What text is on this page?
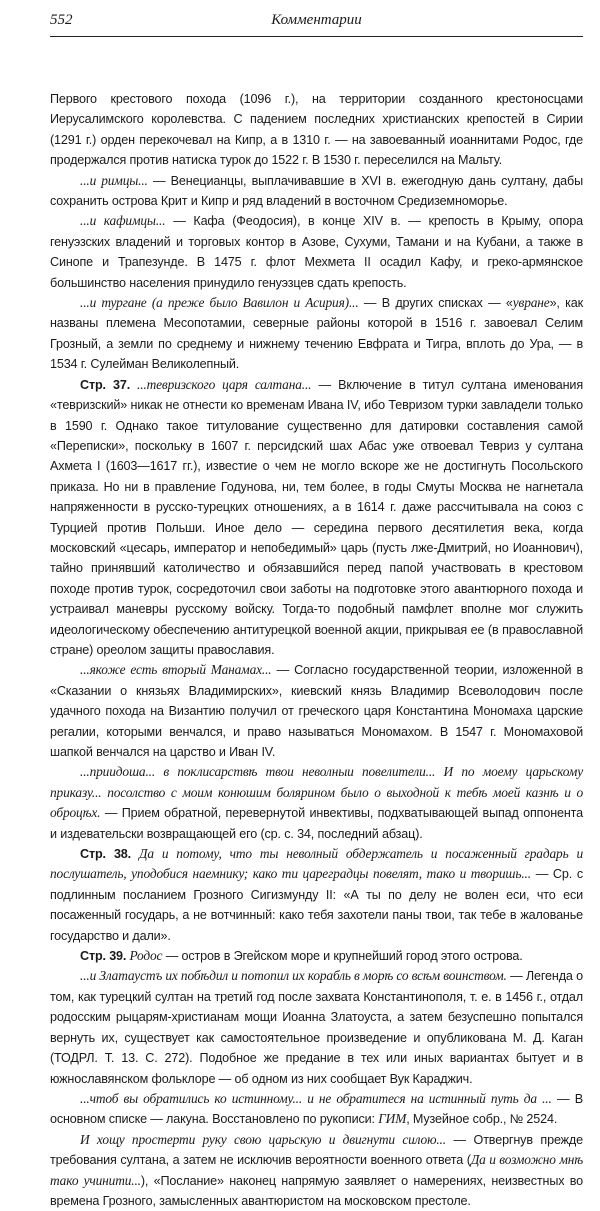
552	Комментарии

Первого крестового похода (1096 г.), на территории созданного крестоносцами Иерусалимского королевства. С падением последних христианских крепостей в Сирии (1291 г.) орден перекочевал на Кипр, а в 1310 г. — на завоеванный иоаннитами Родос, где продержался против натиска турок до 1522 г. В 1530 г. переселился на Мальту.

...и римцы... — Венецианцы, выплачивавшие в XVI в. ежегодную дань султану, дабы сохранить острова Крит и Кипр и ряд владений в восточном Средиземноморье.

...и кафимцы... — Кафа (Феодосия), в конце XIV в. — крепость в Крыму, опора генуэзских владений и торговых контор в Азове, Сухуми, Тамани и на Кубани, а также в Синопе и Трапезунде. В 1475 г. флот Мехмета II осадил Кафу, и греко-армянское большинство населения принудило генуэзцев сдать крепость.

...и тургане (а преже было Вавилон и Асирия)... — В других списках — «увране», как названы племена Месопотамии, северные районы которой в 1516 г. завоевал Селим Грозный, а земли по среднему и нижнему течению Евфрата и Тигра, вплоть до Ура, — в 1534 г. Сулейман Великолепный.

Стр. 37. ...тевризского царя салтана... — Включение в титул султана именования «тевризский» никак не отнести ко временам Ивана IV, ибо Тевризом турки завладели только в 1590 г. Однако такое титулование существенно для датировки составления самой «Переписки», поскольку в 1607 г. персидский шах Абас уже отвоевал Тевриз у султана Ахмета I (1603—1617 гг.), известие о чем не могло вскоре же не достигнуть Посольского приказа. Но ни в правление Годунова, ни, тем более, в годы Смуты Москва не нагнетала напряженности в русско-турецких отношениях, а в 1614 г. даже рассчитывала на союз с Турцией против Польши. Иное дело — середина первого десятилетия века, когда московский «цесарь, император и непобедимый» царь (пусть лже-Дмитрий, но Иоаннович), тайно принявший католичество и обязавшийся перед папой участвовать в крестовом походе против турок, сосредоточил свои заботы на подготовке этого авантюрного похода и устраивал маневры русскому войску. Тогда-то подобный памфлет вполне мог служить идеологическому обеспечению антитурецкой военной акции, прикрывая ее (в православной стране) ореолом защиты православия.

...якоже есть вторый Манамах... — Согласно государственной теории, изложенной в «Сказании о князьях Владимирских», киевский князь Владимир Всеволодович после удачного похода на Византию получил от греческого царя Константина Мономаха царские регалии, которыми венчался, и право называться Мономахом. В 1547 г. Мономаховой шапкой венчался на царство и Иван IV.

...приидоша... в поклисарствѣ твои неволныи повелители... И по моему царьскому приказу... посолство с моим конюшим болярином было о выходной к тебѣ моей казнѣ и о оброцѣх. — Прием обратной, перевернутой инвективы, подхватывающей выпад оппонента и издевательски возвращающей его (ср. с. 34, последний абзац).

Стр. 38. Да и потому, что ты неволный обдержатель и посаженный градарь и послушатель, уподобися наемнику; како ти цареградцы повелят, тако и творишь... — Ср. с подлинным посланием Грозного Сигизмунду II: «А ты по делу не волен еси, что еси посаженный государь, а не вотчинный: како тебя захотели паны твои, так тебе в жалованье государство и дали».

Стр. 39. Родос — остров в Эгейском море и крупнейший город этого острова.

...и Златаустъ их побѣдил и потопил их корабль в морѣ со всѣм воинством. — Легенда о том, как турецкий султан на третий год после захвата Константинополя, т. е. в 1456 г., отдал родосским рыцарям-христианам мощи Иоанна Златоуста, а затем безуспешно попытался вернуть их, существует как самостоятельное произведение и опубликована М. Д. Каган (ТОДРЛ. Т. 13. С. 272). Подобное же предание в тех или иных вариантах бытует и в южнославянском фольклоре — об одном из них сообщает Вук Караджич.

...чтоб вы обратились ко истинному... и не обратитеся на истинный путь да ... — В основном списке — лакуна. Восстановлено по рукописи: ГИМ, Музейное собр., № 2524.

И хощу простерти руку свою царьскую и двигнути силою... — Отвергнув прежде требования султана, а затем не исключив вероятности военного ответа (Да и возможно мнѣ тако учинити...), «Послание» наконец напрямую заявляет о намерениях, неизвестных во времена Грозного, замысленных авантюристом на московском престоле.
